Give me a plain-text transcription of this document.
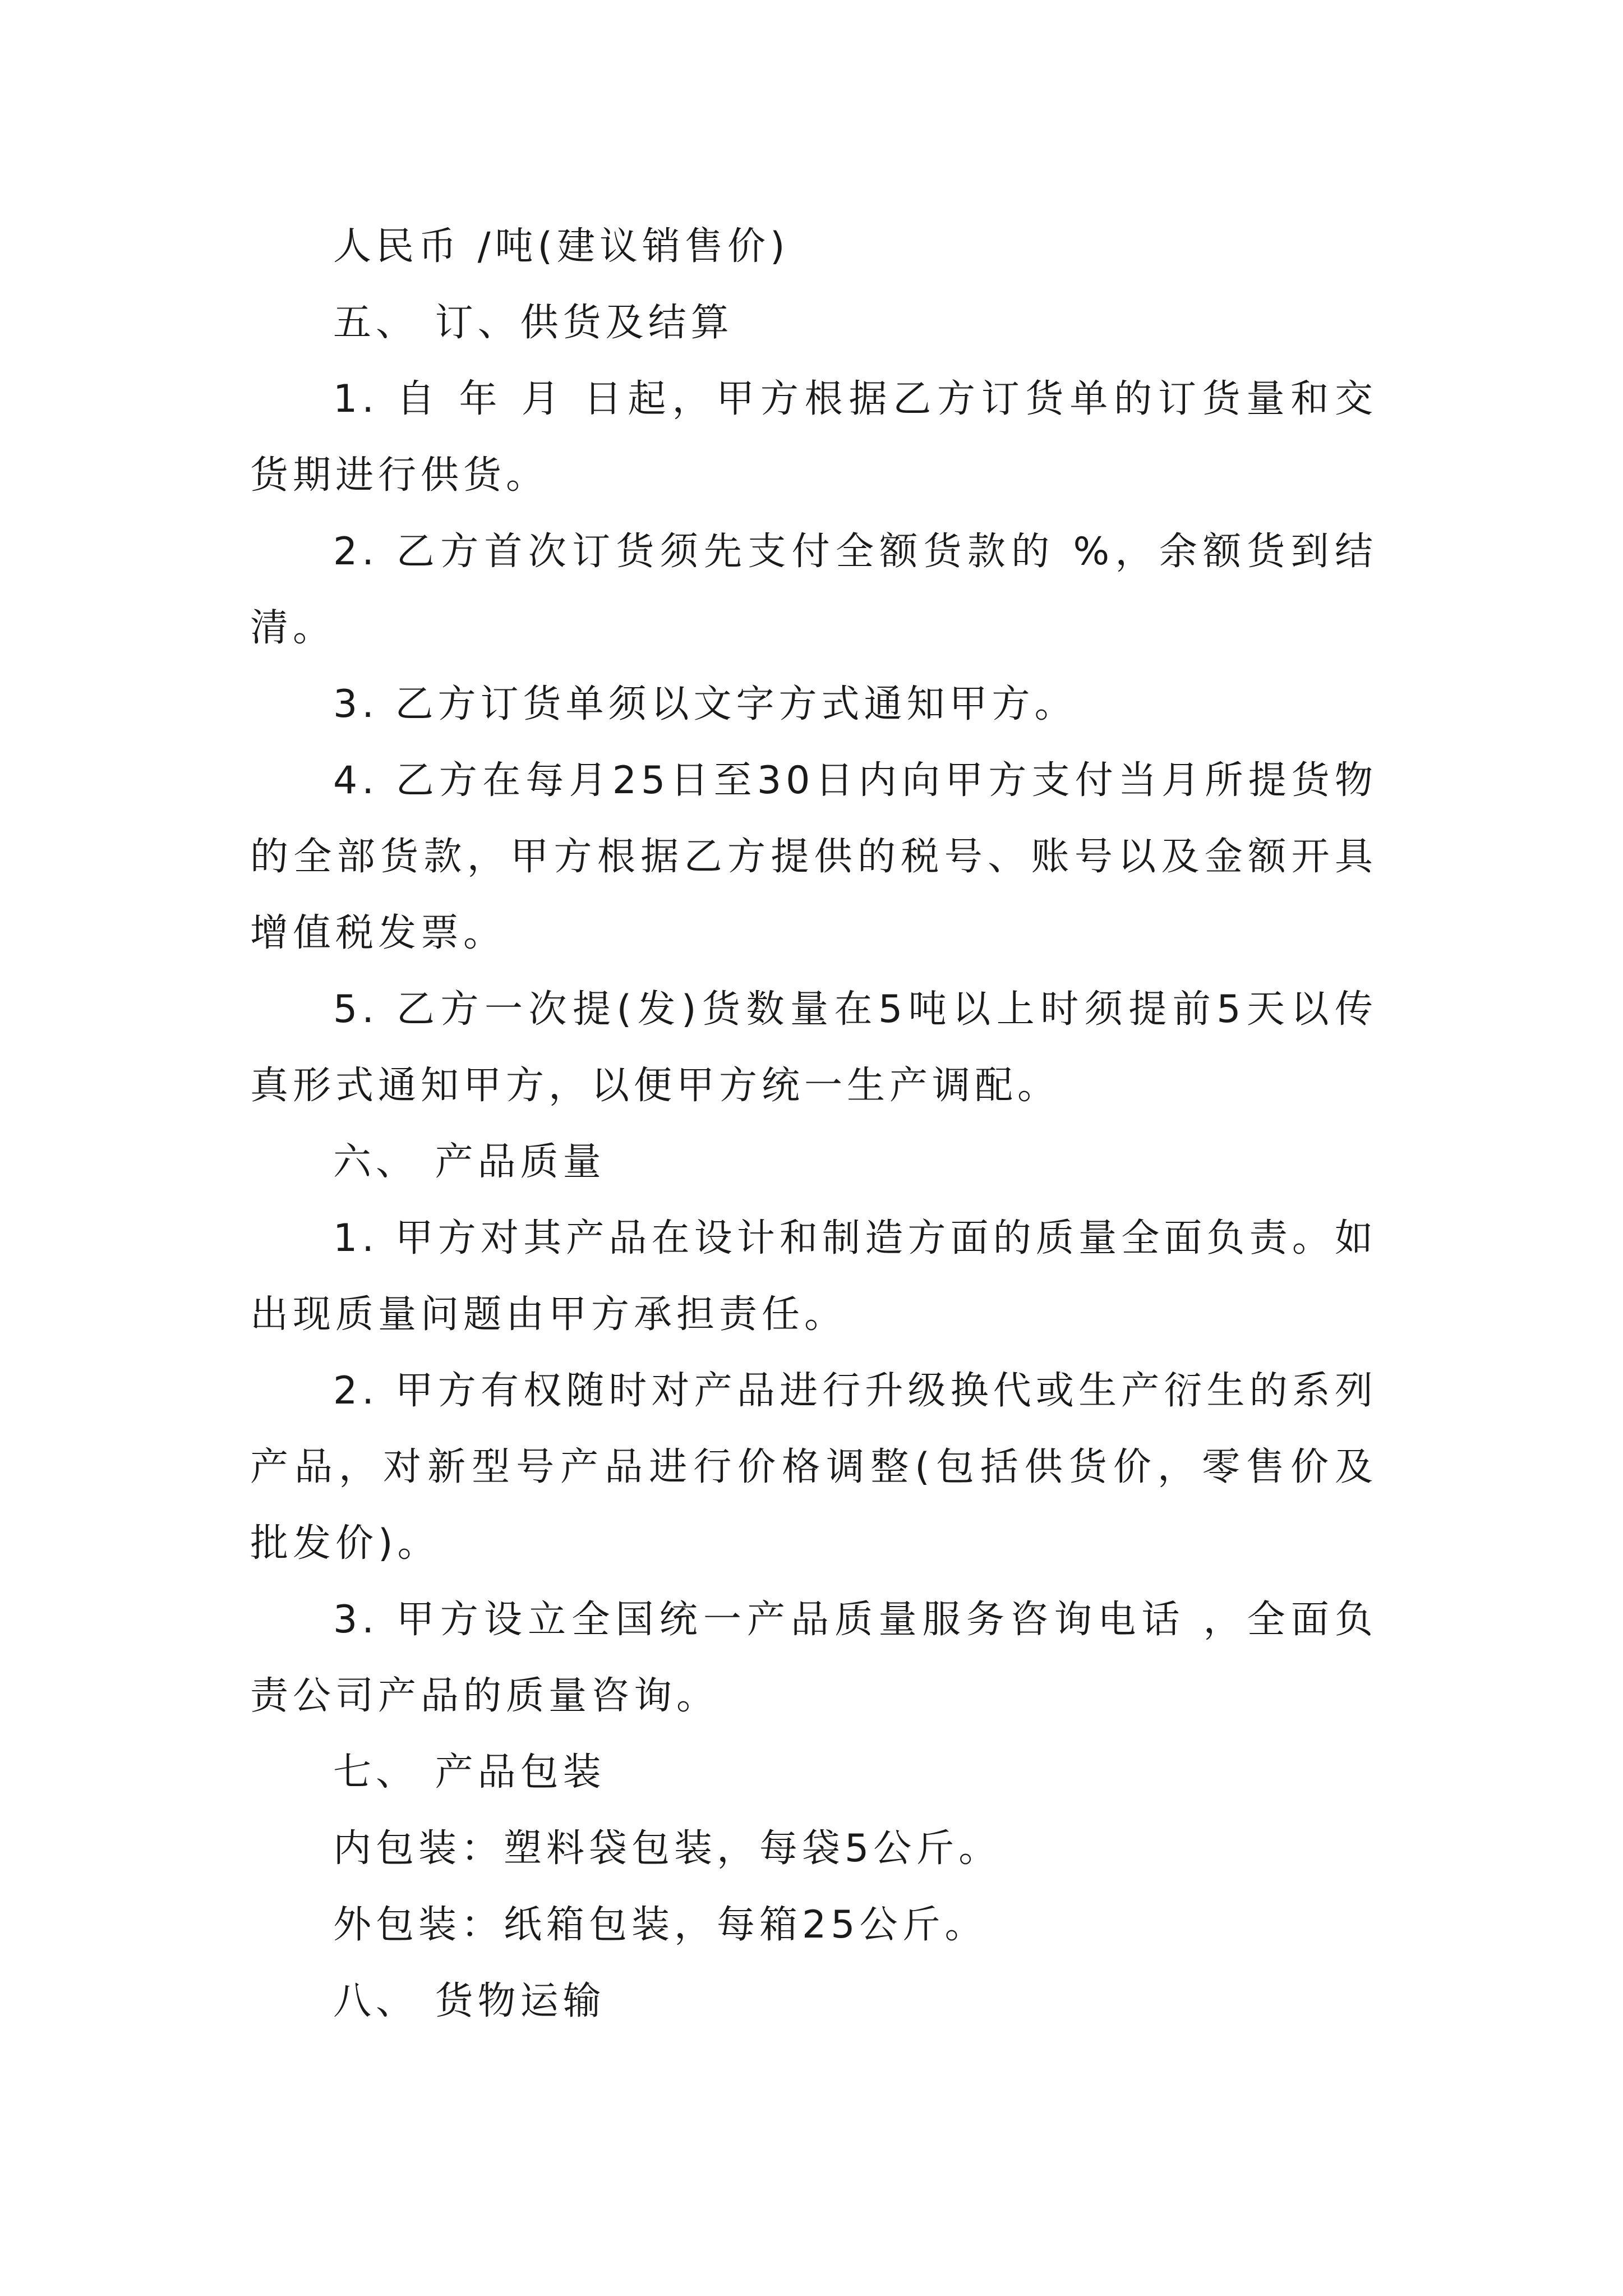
人民币 /吨(建议销售价)

五、 订、供货及结算

1. 自 年 月 日起，甲方根据乙方订货单的订货量和交货期进行供货。

2. 乙方首次订货须先支付全额货款的 %，余额货到结清。

3. 乙方订货单须以文字方式通知甲方。

4. 乙方在每月25日至30日内向甲方支付当月所提货物的全部货款，甲方根据乙方提供的税号、账号以及金额开具增值税发票。

5. 乙方一次提(发)货数量在5吨以上时须提前5天以传真形式通知甲方，以便甲方统一生产调配。

六、 产品质量

1. 甲方对其产品在设计和制造方面的质量全面负责。如出现质量问题由甲方承担责任。

2. 甲方有权随时对产品进行升级换代或生产衍生的系列产品，对新型号产品进行价格调整(包括供货价，零售价及批发价)。

3. 甲方设立全国统一产品质量服务咨询电话 ，全面负责公司产品的质量咨询。

七、 产品包装

内包装：塑料袋包装，每袋5公斤。

外包装：纸箱包装，每箱25公斤。

八、 货物运输
